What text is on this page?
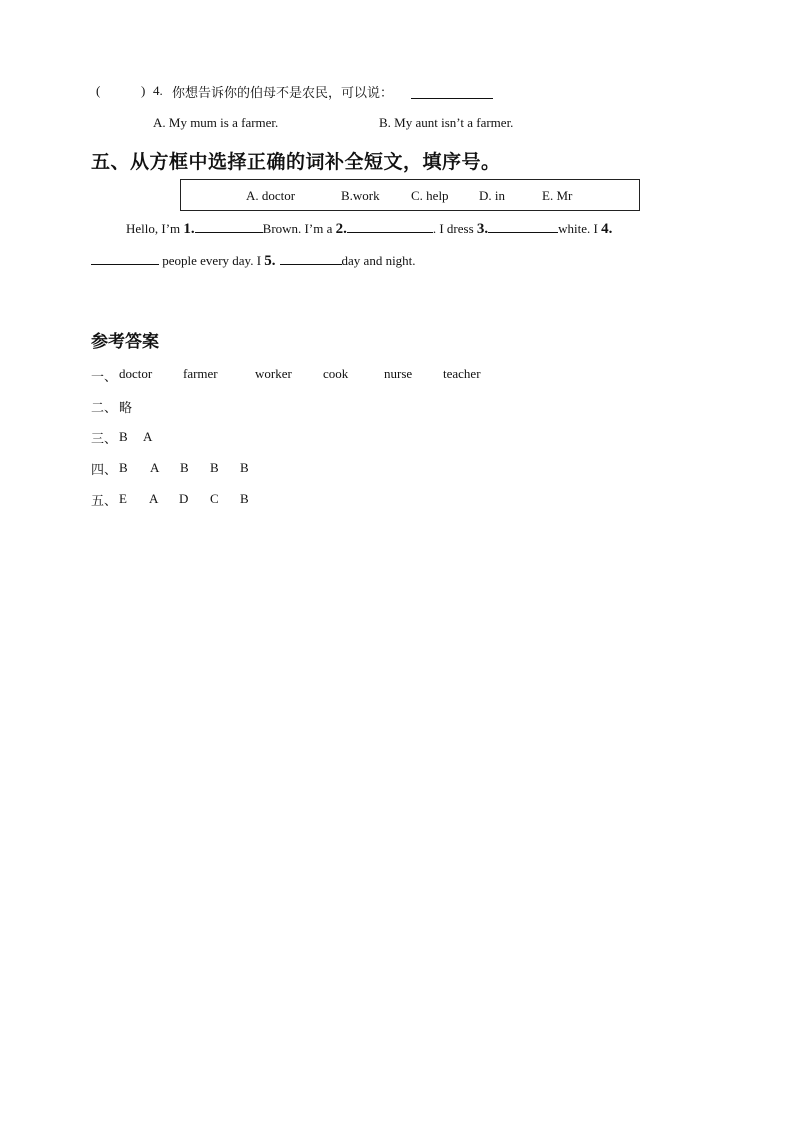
(	) 4. 你想告诉你的伯母不是农民，可以说：
A. My mum is a farmer.	B. My aunt isn’t a farmer.
五、从方框中选择正确的词补全短文，填序号。
A. doctor	B.work C. help D. in	E. Mr
Hello, I’m 1.	Brown. I’m a 2.	. I dress 3.	white. I 4.
people every day. I 5.	day and night.
参考答案
一、 doctor farmer	worker cook	nurse teacher
二、 略
三、 B A
四、 B A B B B
五、 E A D C B
